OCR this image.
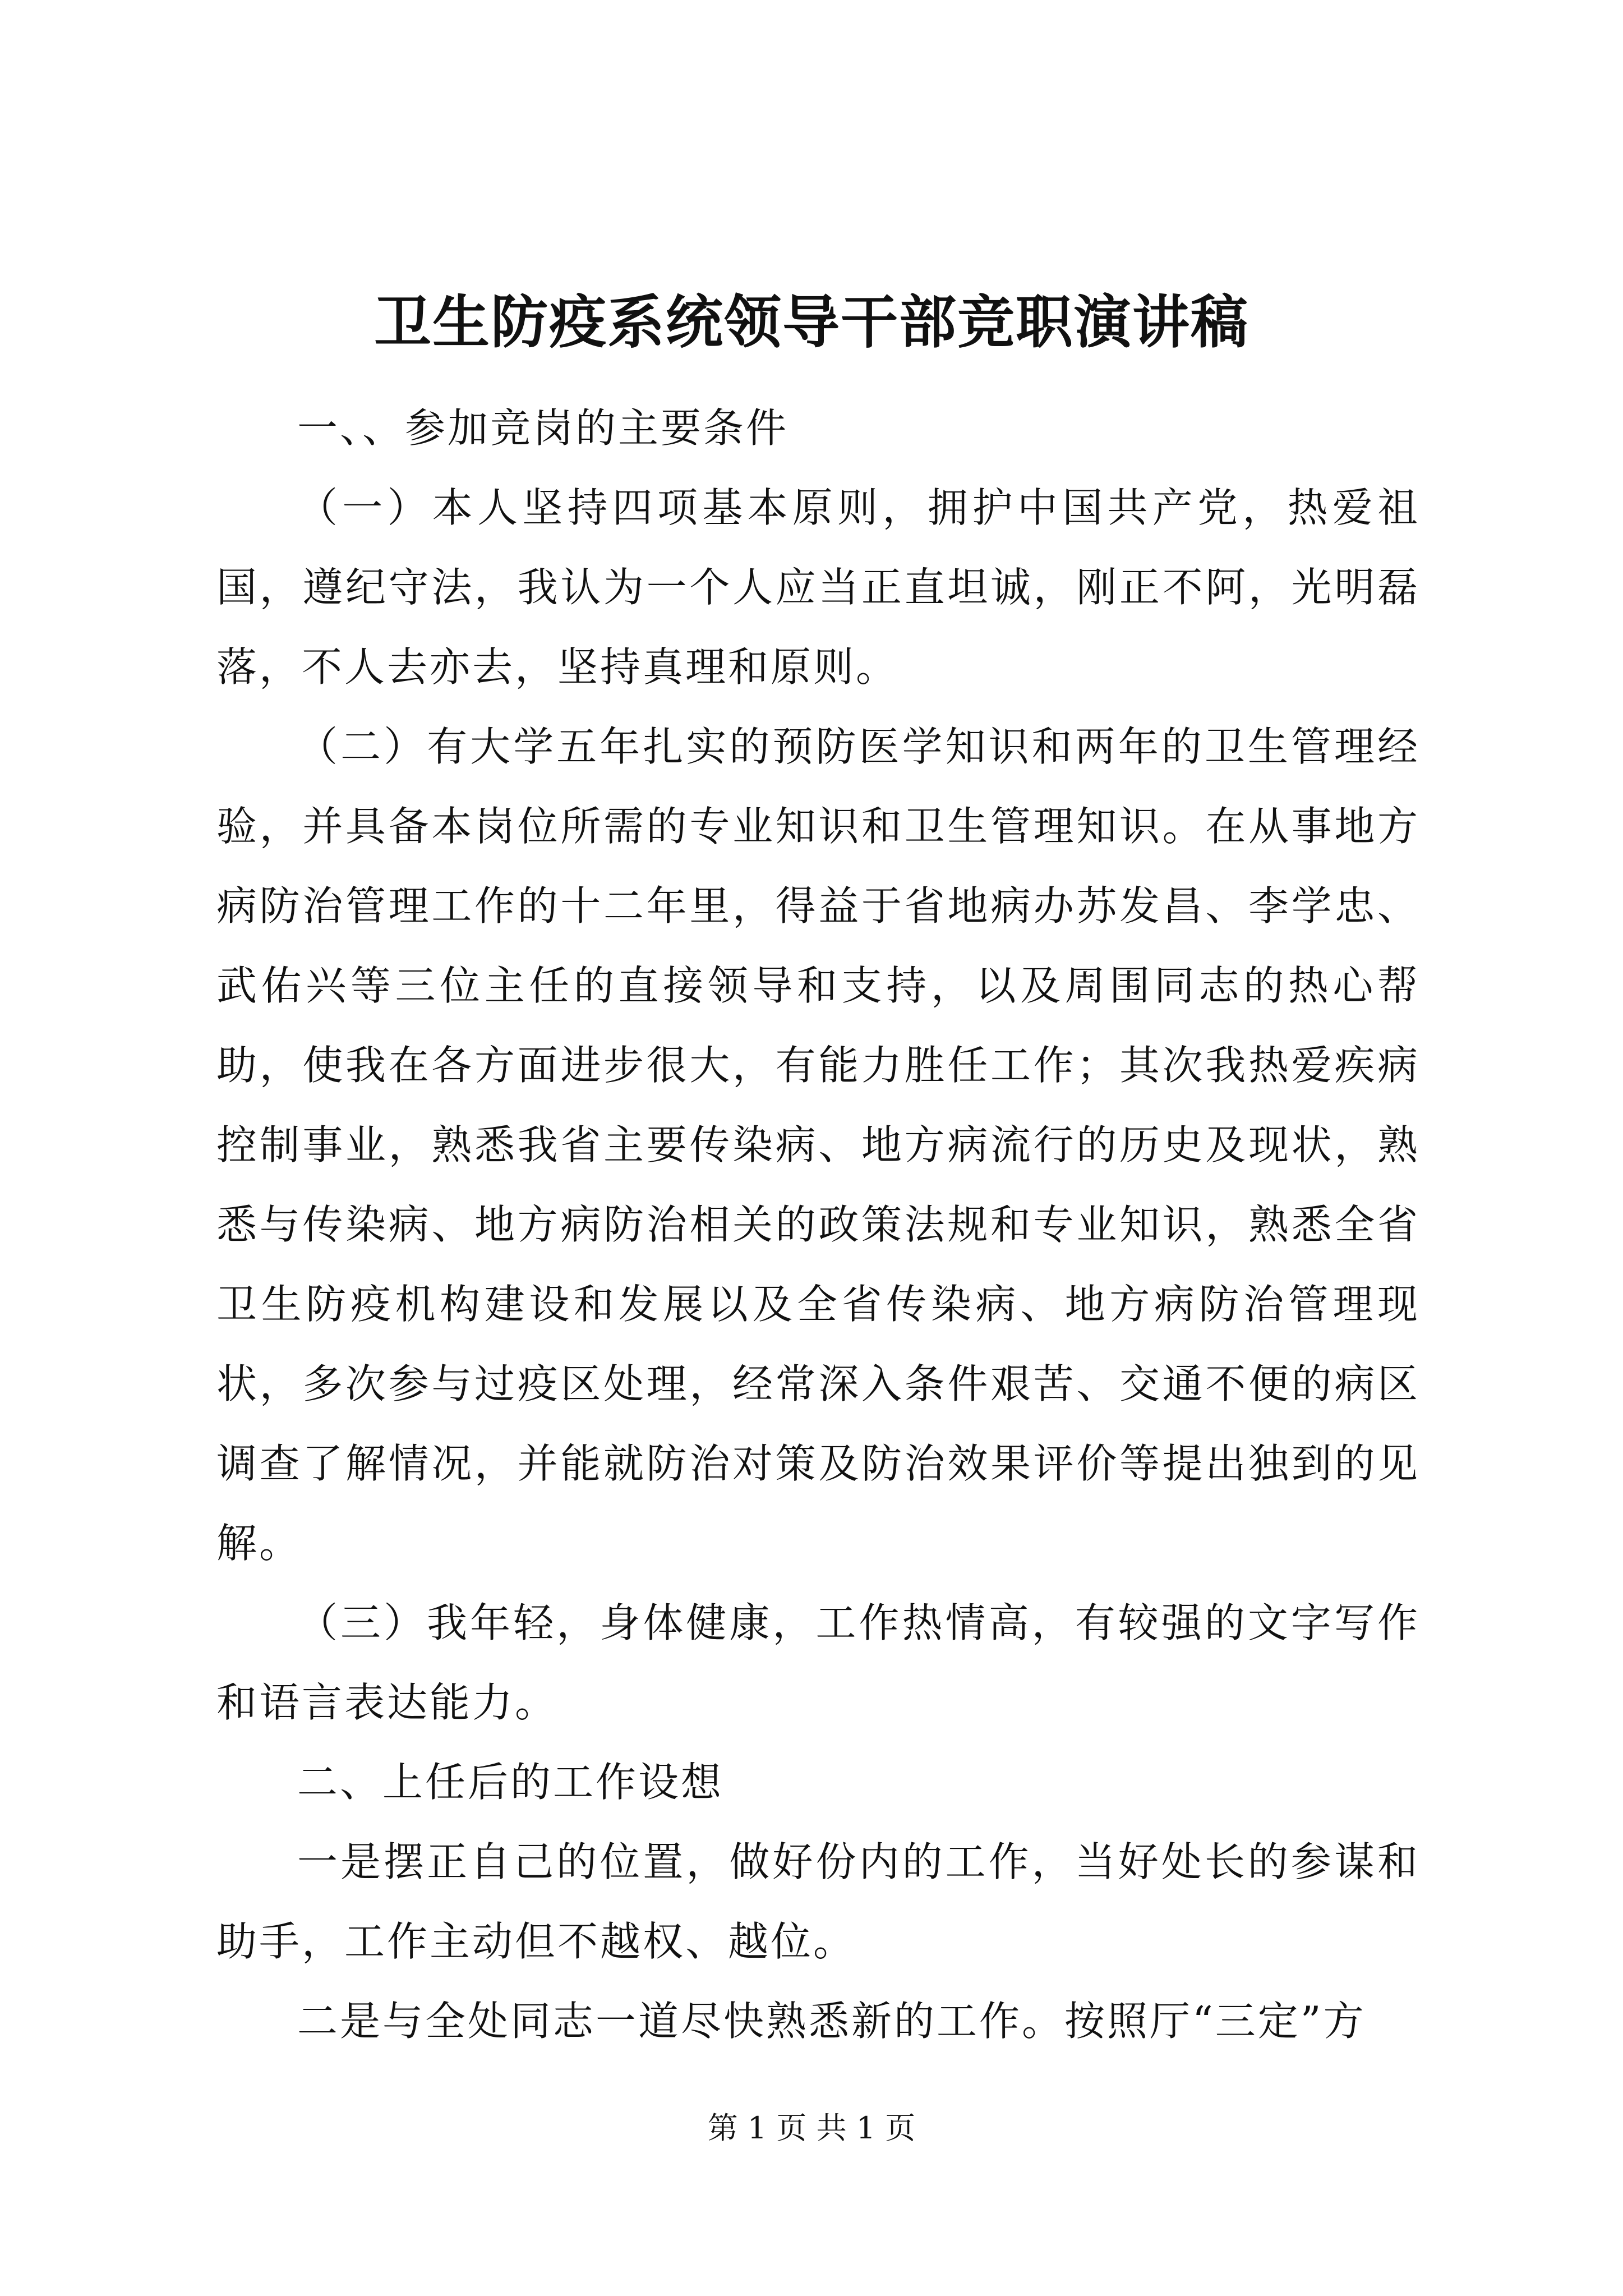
卫生防疫系统领导干部竞职演讲稿

一、、参加竞岗的主要条件

（一）本人坚持四项基本原则，拥护中国共产党，热爱祖国，遵纪守法，我认为一个人应当正直坦诚，刚正不阿，光明磊落，不人去亦去，坚持真理和原则。

（二）有大学五年扎实的预防医学知识和两年的卫生管理经验，并具备本岗位所需的专业知识和卫生管理知识。在从事地方病防治管理工作的十二年里，得益于省地病办苏发昌、李学忠、武佑兴等三位主任的直接领导和支持，以及周围同志的热心帮助，使我在各方面进步很大，有能力胜任工作；其次我热爱疾病控制事业，熟悉我省主要传染病、地方病流行的历史及现状，熟悉与传染病、地方病防治相关的政策法规和专业知识，熟悉全省卫生防疫机构建设和发展以及全省传染病、地方病防治管理现状，多次参与过疫区处理，经常深入条件艰苦、交通不便的病区调查了解情况，并能就防治对策及防治效果评价等提出独到的见解。

（三）我年轻，身体健康，工作热情高，有较强的文字写作和语言表达能力。

二、上任后的工作设想

一是摆正自己的位置，做好份内的工作，当好处长的参谋和助手，工作主动但不越权、越位。

二是与全处同志一道尽快熟悉新的工作。按照厅“三定”方

第 1 页 共 1 页
